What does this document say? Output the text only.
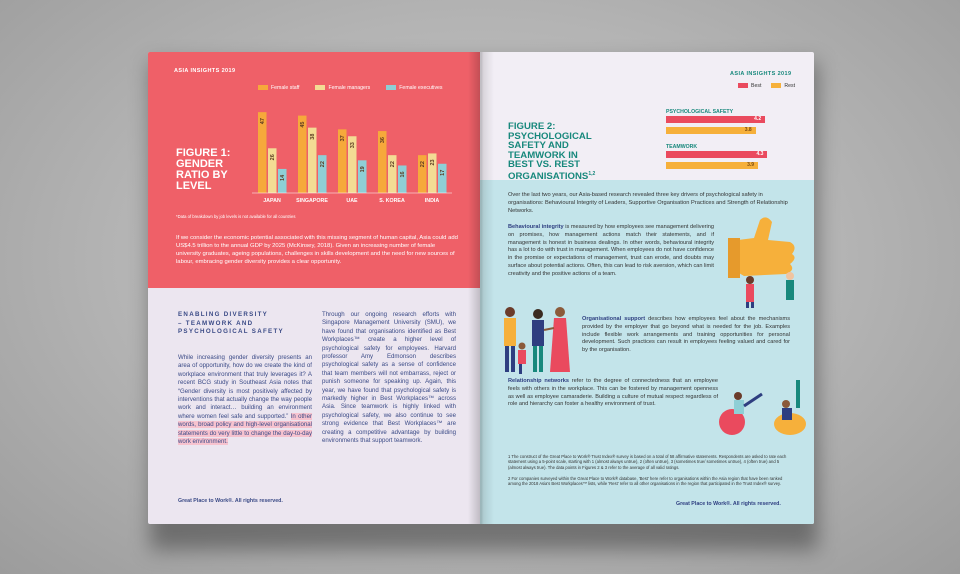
ASIA INSIGHTS 2019
Female staff	Female managers	Female executives
FIGURE 1:
GENDER
RATIO BY
LEVEL
47
26
14
JAPAN
45
38
22
SINGAPORE
37
33
19
UAE
36
22
16
S. KOREA
22 23
17
INDIA
*Data of breakdown by job levels is not available for all countries
If we consider the economic potential associated with this missing segment of human capital, Asia could add US$4.5 trillion to the annual GDP by 2025 (McKinsey, 2018). Given an increasing number of female university graduates, ageing populations, challenges in skills development and the need for new sources of labour, embracing gender diversity provides a clear opportunity.
ENABLING DIVERSITY
– TEAMWORK AND
PSYCHOLOGICAL SAFETY
While increasing gender diversity presents an area of opportunity, how do we create the kind of workplace environment that truly leverages it? A recent BCG study in Southeast Asia notes that “Gender diversity is most positively affected by interventions that actually change the way people work and interact… building an environment where women feel safe and supported.” In other words, broad policy and high-level organisational statements do very little to change the day-to-day work environment.
Through our ongoing research efforts with Singapore Management University (SMU), we have found that organisations identified as Best Workplaces™ create a higher level of psychological safety for employees. Harvard professor Amy Edmonson describes psychological safety as a sense of confidence that team members will not embarrass, reject or punish someone for speaking up. Again, this year, we have found that psychological safety is markedly higher in Best Workplaces™ across Asia. Since teamwork is highly linked with psychological safety, we also continue to see strong evidence that Best Workplaces™ are creating a competitive advantage by building environments that support teamwork.
Great Place to Work®. All rights reserved.
ASIA INSIGHTS 2019
Best	Rest
FIGURE 2:
PSYCHOLOGICAL
SAFETY AND
TEAMWORK IN
BEST VS. REST
ORGANISATIONS$^{1,2}$
PSYCHOLOGICAL SAFETY
4.2
3.8
TEAMWORK
4.3
3.9
Over the last two years, our Asia-based research revealed three key drivers of psychological safety in organisations: Behavioural Integrity of Leaders, Supportive Organisation Practices and Strength of Relationship Networks.
Behavioural integrity is measured by how employees see management delivering on promises, how management actions match their statements, and if management is honest in business dealings. In other words, behavioural integrity has a lot to do with trust in management. When employees do not have confidence in the promise or expectations of management, trust can erode, and doubts may surface about potential actions. Often, this can lead to risk aversion, which can limit creativity and the positive actions of a team.
Organisational support describes how employees feel about the mechanisms provided by the employer that go beyond what is needed for the job. Examples include flexible work arrangements and training opportunities for personal development. Such practices can result in employees feeling valued and cared for by the organisation.
Relationship networks refer to the degree of connectedness that an employee feels with others in the workplace. This can be fostered by management openness as well as employee camaraderie. Building a culture of mutual respect regardless of role and hierarchy can foster a healthy environment of trust.
1 The construct of the Great Place to Work® Trust Index® survey is based on a total of 58 affirmative statements. Respondents are asked to rate each statement using a 5-point scale, starting with 1 (almost always untrue), 2 (often untrue), 3 (sometimes true/ sometimes untrue), 4 (often true) and 5 (almost always true). The data points in Figures 2 & 3 refer to the average of all valid ratings.
2 For companies surveyed within the Great Place to Work® database, 'Best' here refer to organisations within the Asia region that have been ranked among the 2018 Asia's Best Workplaces™ lists, while 'Rest' refer to all other organisations in the region that participated in the Trust Index® survey.
Great Place to Work®. All rights reserved.
